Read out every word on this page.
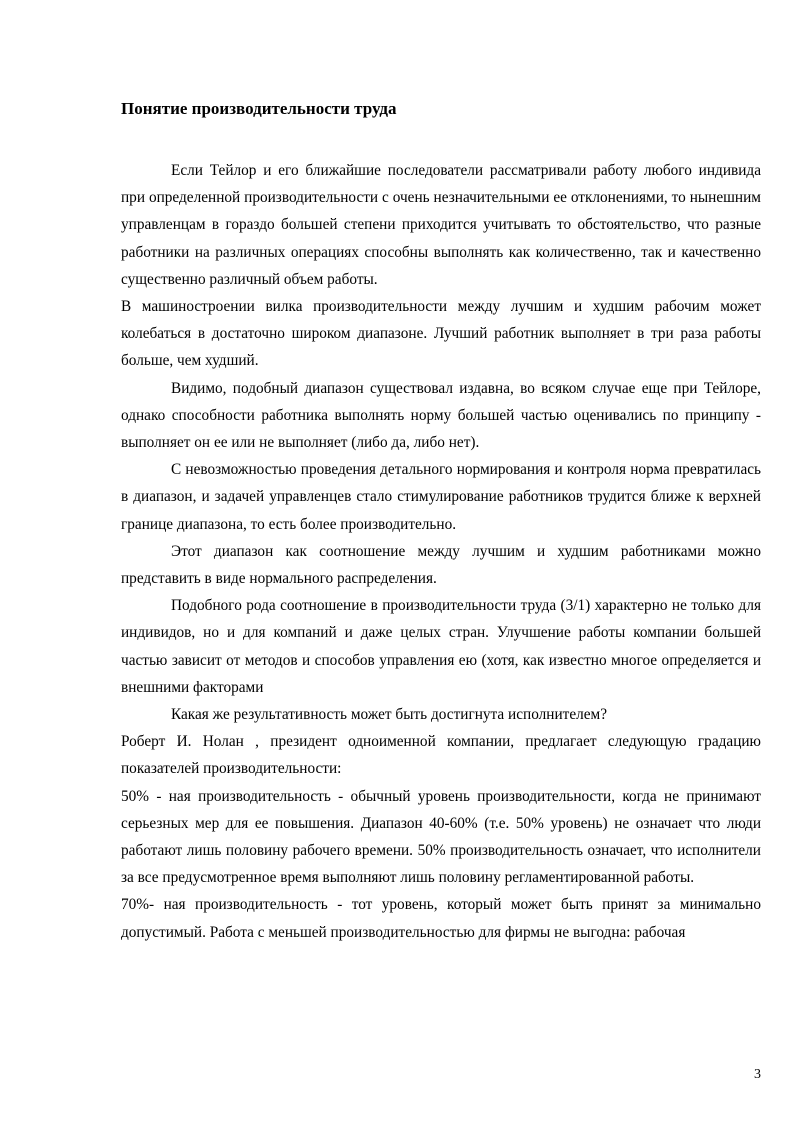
Понятие производительности труда

Если Тейлор и его ближайшие последователи рассматривали работу любого индивида при определенной производительности с очень незначительными ее отклонениями, то нынешним управленцам в гораздо большей степени приходится учитывать то обстоятельство, что разные работники на различных операциях способны выполнять как количественно, так и качественно существенно различный объем работы.

В машиностроении вилка производительности между лучшим и худшим рабочим может колебаться в достаточно широком диапазоне. Лучший работник выполняет в три раза работы больше, чем худший.

Видимо, подобный диапазон существовал издавна, во всяком случае еще при Тейлоре, однако способности работника выполнять норму большей частью оценивались по принципу - выполняет он ее или не выполняет (либо да, либо нет).

С невозможностью проведения детального нормирования и контроля норма превратилась в диапазон, и задачей управленцев стало стимулирование работников трудится ближе к верхней границе диапазона, то есть более производительно.

Этот диапазон как соотношение между лучшим и худшим работниками можно представить в виде нормального распределения.

Подобного рода соотношение в производительности труда (3/1) характерно не только для индивидов, но и для компаний и даже целых стран. Улучшение работы компании большей частью зависит от методов и способов управления ею (хотя, как известно многое определяется и внешними факторами

Какая же результативность может быть достигнута исполнителем?

Роберт И. Нолан , президент одноименной компании, предлагает следующую градацию показателей производительности:

50% - ная производительность - обычный уровень производительности, когда не принимают серьезных мер для ее повышения. Диапазон 40-60% (т.е. 50% уровень) не означает что люди работают лишь половину рабочего времени. 50% производительность означает, что исполнители за все предусмотренное время выполняют лишь половину регламентированной работы.

70%- ная производительность - тот уровень, который может быть принят за минимально допустимый. Работа с меньшей производительностью для фирмы не выгодна: рабочая

3
